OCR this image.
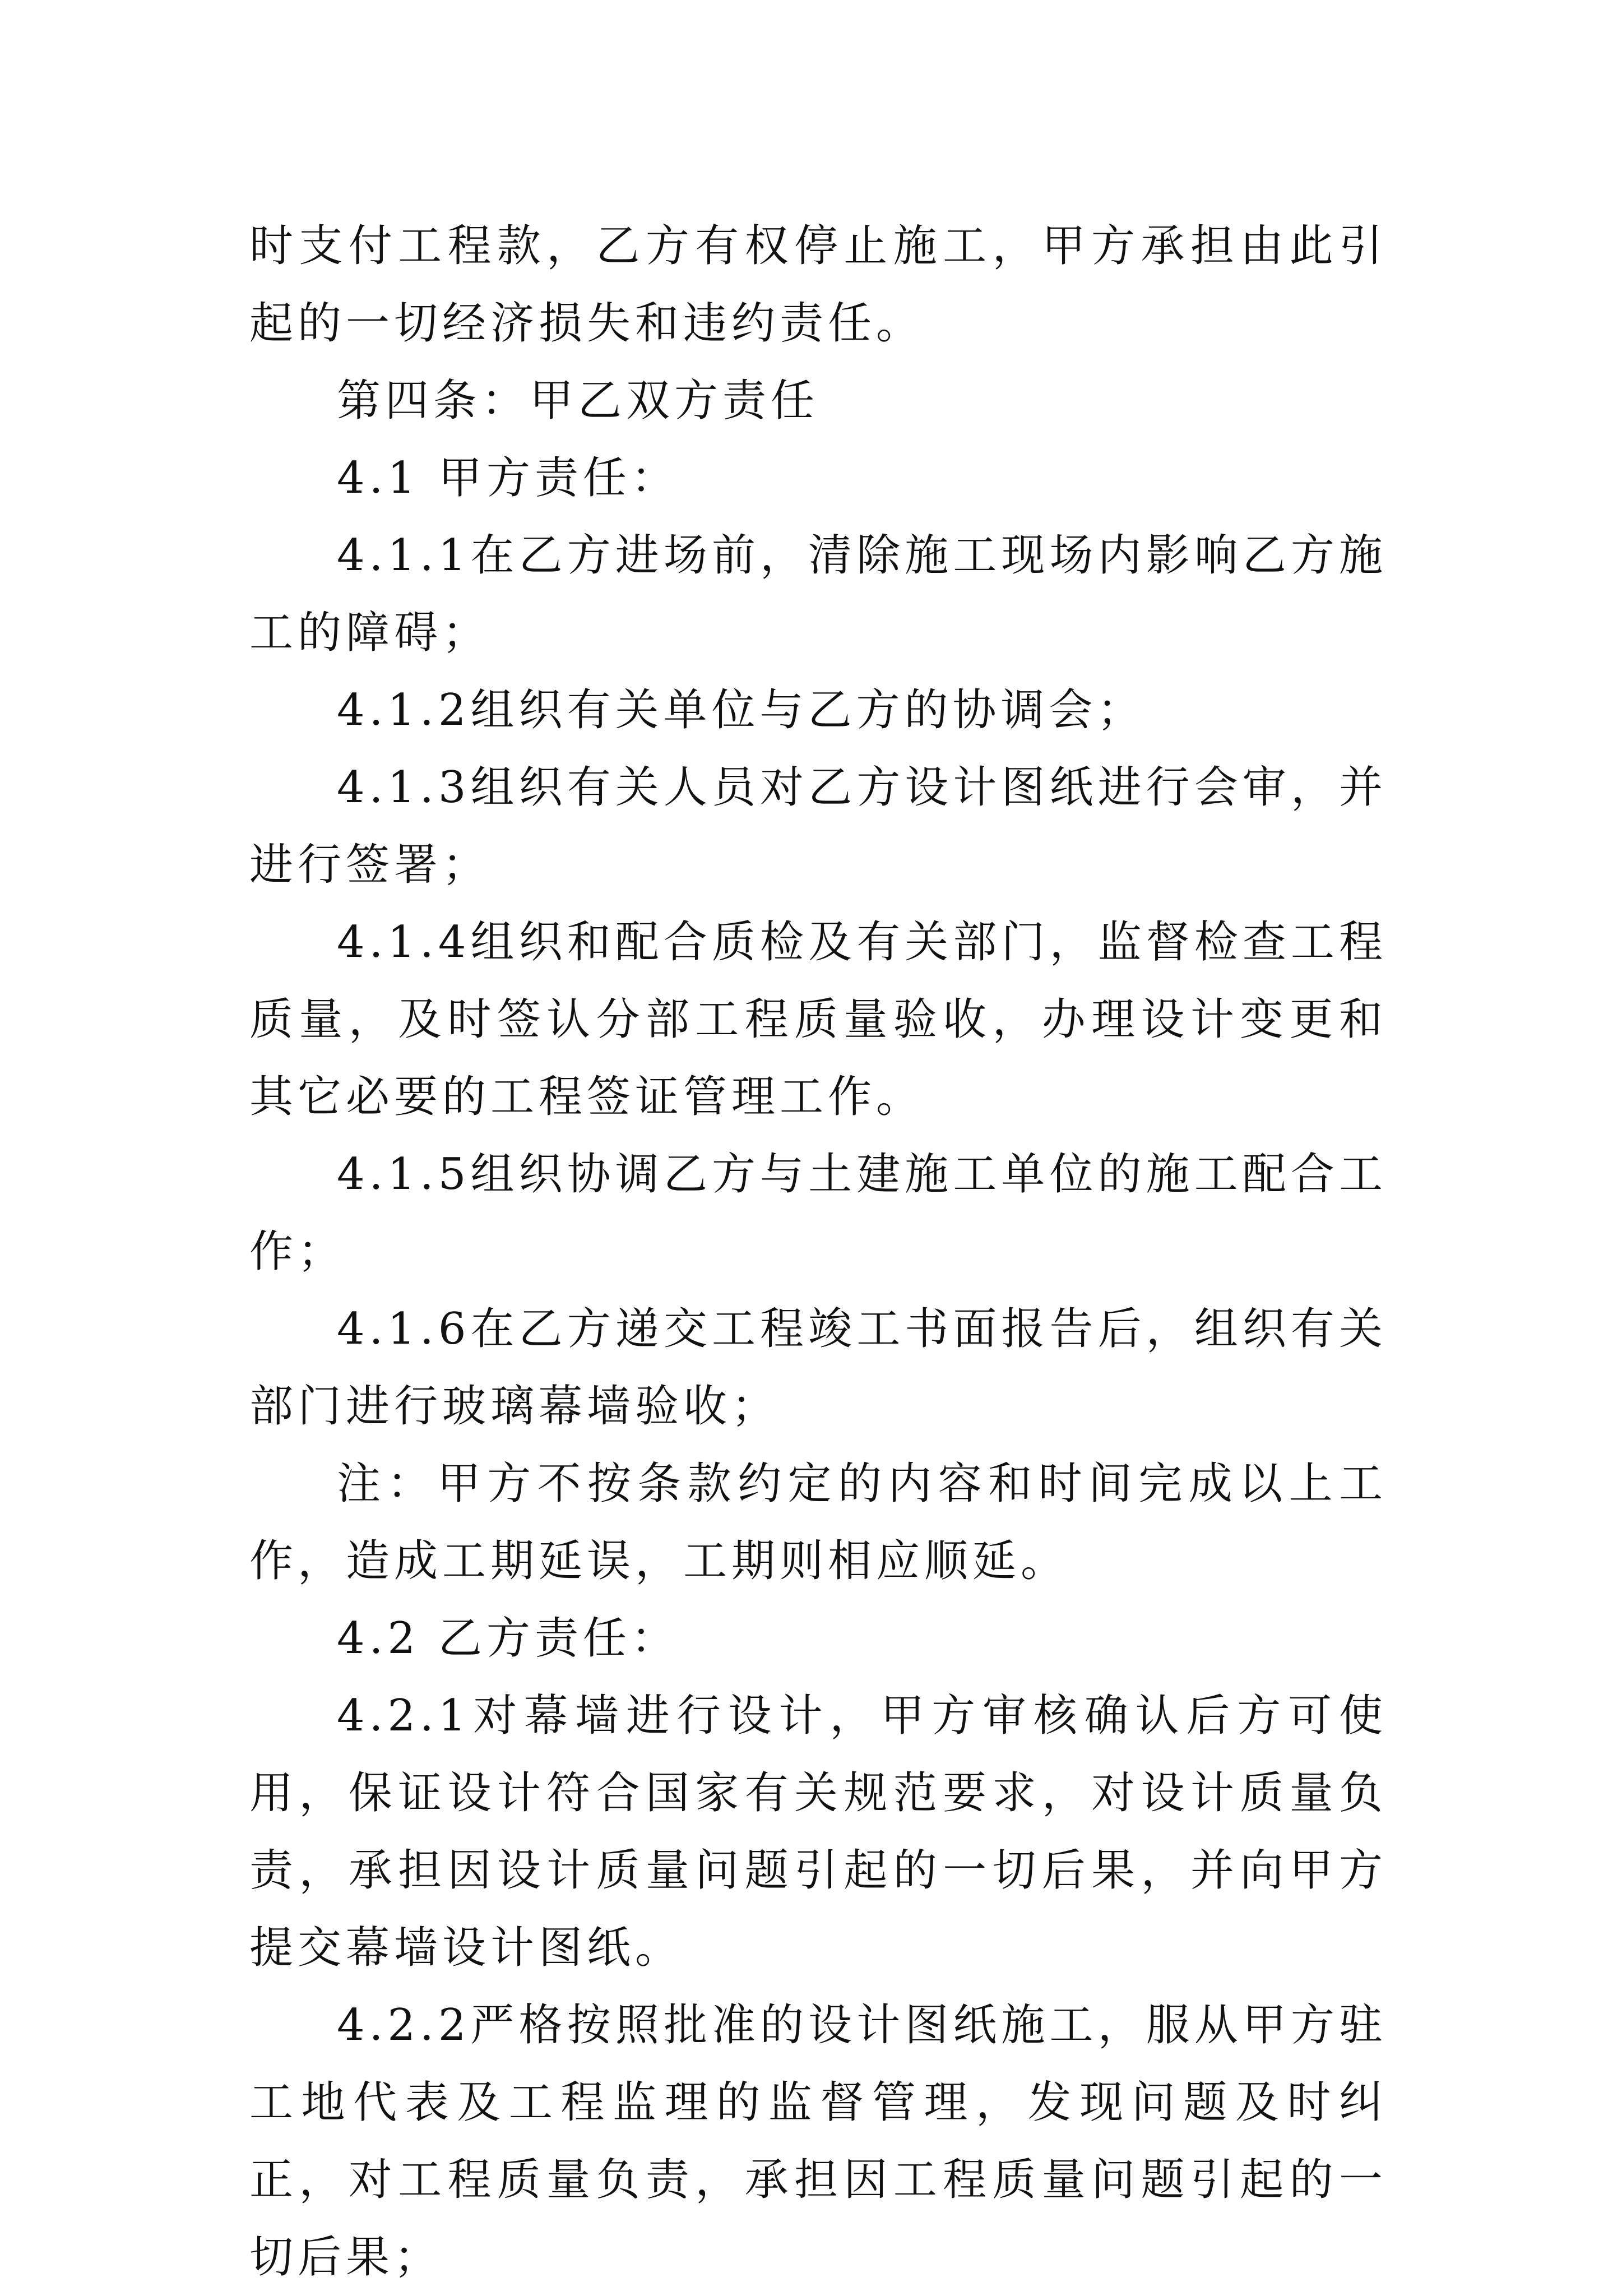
时支付工程款，乙方有权停止施工，甲方承担由此引起的一切经济损失和违约责任。

第四条：甲乙双方责任

4.1 甲方责任：

4.1.1在乙方进场前，清除施工现场内影响乙方施工的障碍；

4.1.2组织有关单位与乙方的协调会；

4.1.3组织有关人员对乙方设计图纸进行会审，并进行签署；

4.1.4组织和配合质检及有关部门，监督检查工程质量，及时签认分部工程质量验收，办理设计变更和其它必要的工程签证管理工作。

4.1.5组织协调乙方与土建施工单位的施工配合工作；

4.1.6在乙方递交工程竣工书面报告后，组织有关部门进行玻璃幕墙验收；

注：甲方不按条款约定的内容和时间完成以上工作，造成工期延误，工期则相应顺延。

4.2 乙方责任：

4.2.1对幕墙进行设计，甲方审核确认后方可使用，保证设计符合国家有关规范要求，对设计质量负责，承担因设计质量问题引起的一切后果，并向甲方提交幕墙设计图纸。

4.2.2严格按照批准的设计图纸施工，服从甲方驻工地代表及工程监理的监督管理，发现问题及时纠正，对工程质量负责，承担因工程质量问题引起的一切后果；
